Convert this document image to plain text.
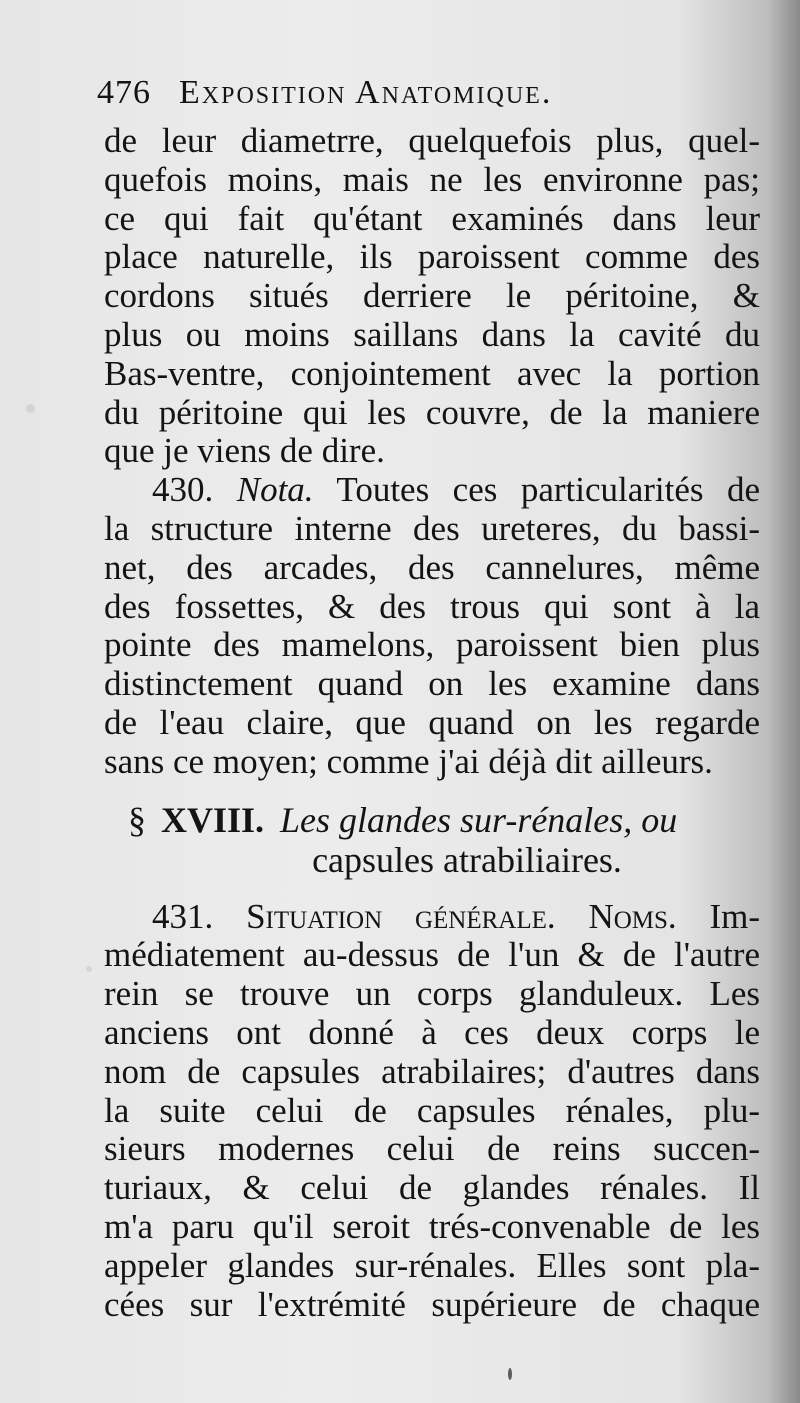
476 Exposition Anatomique.
de leur diametrre, quelquefois plus, quel-
quefois moins, mais ne les environne pas;
ce qui fait qu'étant examinés dans leur
place naturelle, ils paroissent comme des
cordons situés derriere le péritoine, &
plus ou moins saillans dans la cavité du
Bas-ventre, conjointement avec la portion
du péritoine qui les couvre, de la maniere
que je viens de dire.
430. Nota. Toutes ces particularités de
la structure interne des ureteres, du bassi-
net, des arcades, des cannelures, même
des fossettes, & des trous qui sont à la
pointe des mamelons, paroissent bien plus
distinctement quand on les examine dans
de l'eau claire, que quand on les regarde
sans ce moyen; comme j'ai déjà dit ailleurs.
§ XVIII. Les glandes sur-rénales, ou
capsules atrabiliaires.
431. Situation générale. Noms. Im-
médiatement au-dessus de l'un & de l'autre
rein se trouve un corps glanduleux. Les
anciens ont donné à ces deux corps le
nom de capsules atrabilaires; d'autres dans
la suite celui de capsules rénales, plu-
sieurs modernes celui de reins succen-
turiaux, & celui de glandes rénales. Il
m'a paru qu'il seroit trés-convenable de les
appeler glandes sur-rénales. Elles sont pla-
cées sur l'extrémité supérieure de chaque
